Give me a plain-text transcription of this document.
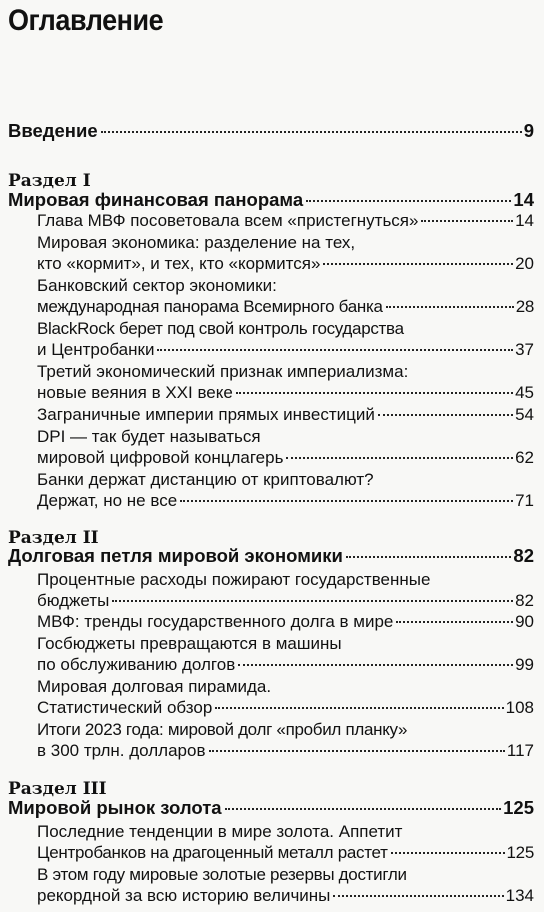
Оглавление
Введение	9
Раздел I
Мировая финансовая панорама	14
Глава МВФ посоветовала всем «пристегнуться»	14
Мировая экономика: разделение на тех,
кто «кормит», и тех, кто «кормится»	20
Банковский сектор экономики:
международная панорама Всемирного банка	28
BlackRock берет под свой контроль государства
и Центробанки	37
Третий экономический признак империализма:
новые веяния в XXI веке	45
Заграничные империи прямых инвестиций	54
DPI — так будет называться
мировой цифровой концлагерь	62
Банки держат дистанцию от криптовалют?
Держат, но не все	71
Раздел II
Долговая петля мировой экономики	82
Процентные расходы пожирают государственные
бюджеты	82
МВФ: тренды государственного долга в мире	90
Госбюджеты превращаются в машины
по обслуживанию долгов	99
Мировая долговая пирамида.
Статистический обзор	108
Итоги 2023 года: мировой долг «пробил планку»
в 300 трлн. долларов	117
Раздел III
Мировой рынок золота	125
Последние тенденции в мире золота. Аппетит
Центробанков на драгоценный металл растет	125
В этом году мировые золотые резервы достигли
рекордной за всю историю величины	134
